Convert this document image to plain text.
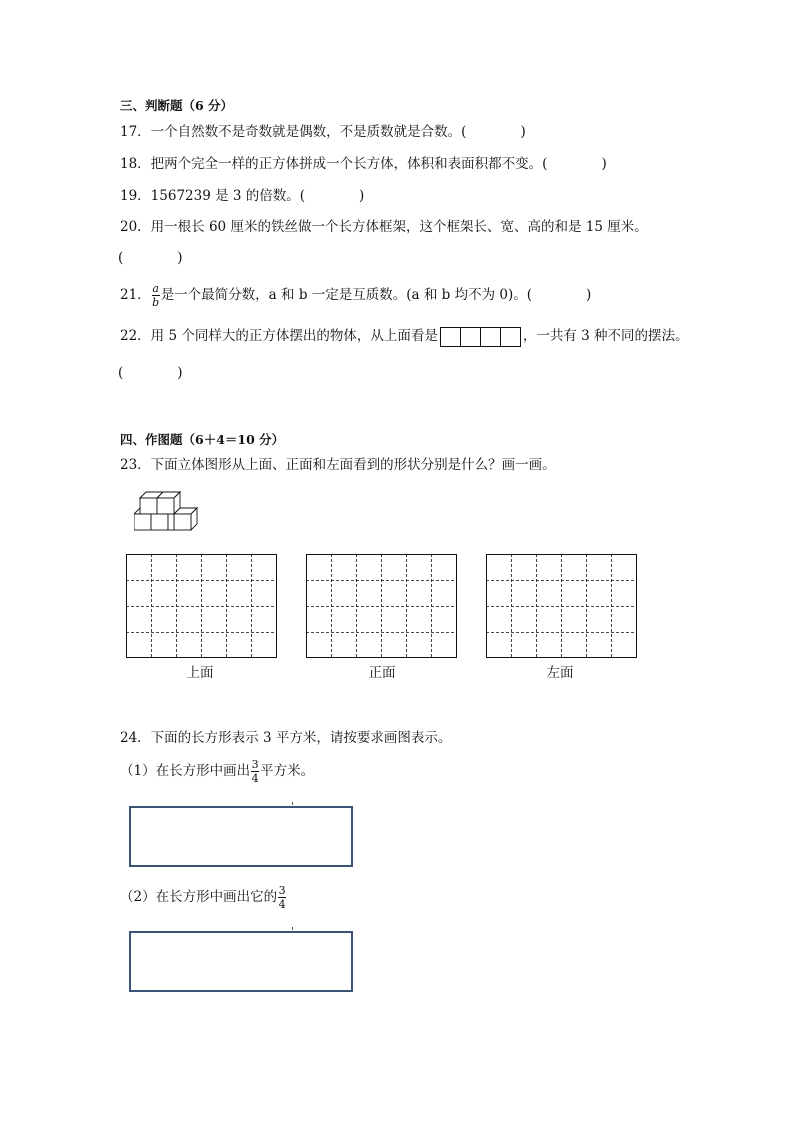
三、判断题（6 分）
17．一个自然数不是奇数就是偶数，不是质数就是合数。(	)
18．把两个完全一样的正方体拼成一个长方体，体积和表面积都不变。(	)
19．1567239 是 3 的倍数。(	)
20．用一根长 60 厘米的铁丝做一个长方体框架，这个框架长、宽、高的和是 15 厘米。
(	)
21． $\frac{a}{b}$ 是一个最简分数，a 和 b 一定是互质数。(a 和 b 均不为 0)。(	)
22．用 5 个同样大的正方体摆出的物体，从上面看是	，一共有 3 种不同的摆法。
(	)
四、作图题（6＋4＝10 分）
23．下面立体图形从上面、正面和左面看到的形状分别是什么？画一画。
上面	正面	左面
24．下面的长方形表示 3 平方米，请按要求画图表示。
（1）在长方形中画出 $\frac{3}{4}$ 平方米。
（2）在长方形中画出它的 $\frac{3}{4}$
